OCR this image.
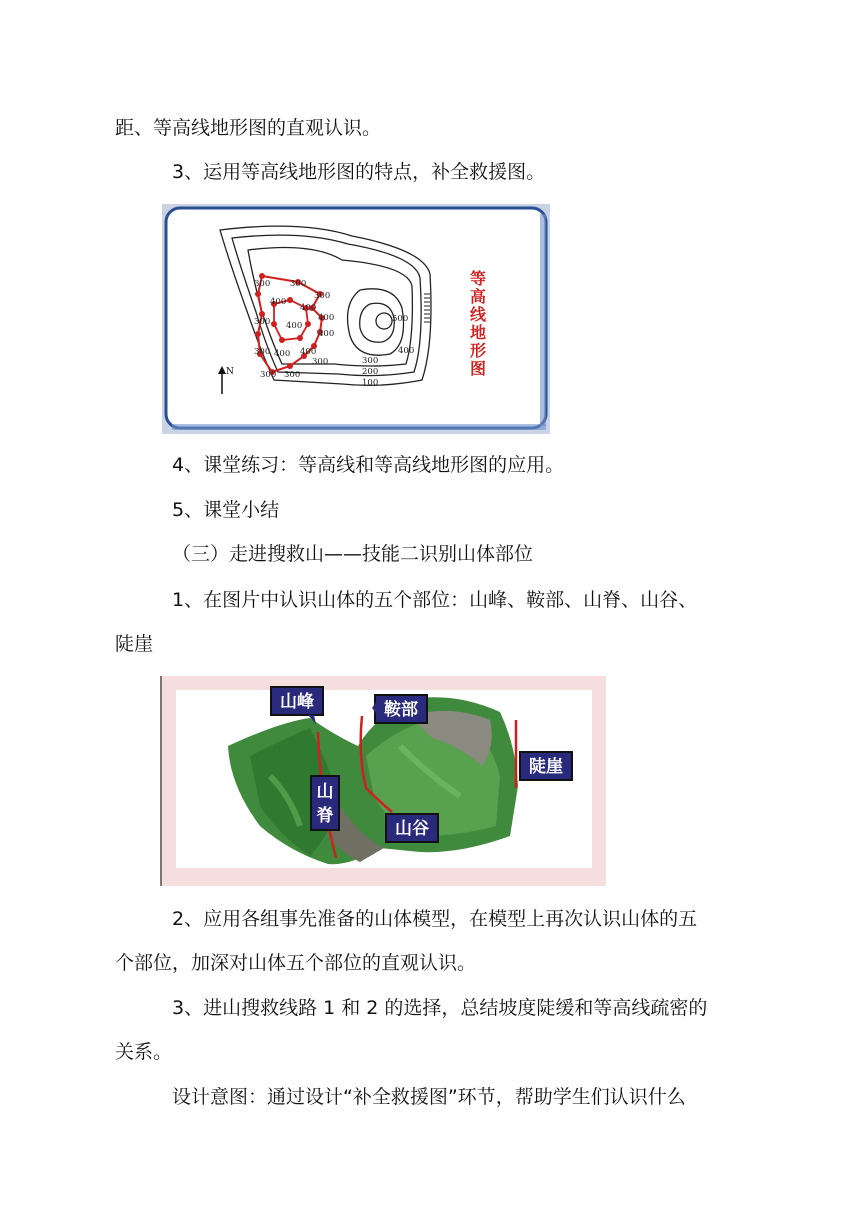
距、等高线地形图的直观认识。
3、运用等高线地形图的特点，补全救援图。
300 300
300
400
400
400
400
400
300
400 400
300
300
300
500
400
300
200
100
300
N
等
高
线
地
形
图
4、课堂练习：等高线和等高线地形图的应用。
5、课堂小结
（三）走进搜救山——技能二识别山体部位
1、在图片中认识山体的五个部位：山峰、鞍部、山脊、山谷、
陡崖
山峰	鞍部
山
脊
山谷
陡崖
2、应用各组事先准备的山体模型，在模型上再次认识山体的五
个部位，加深对山体五个部位的直观认识。
3、进山搜救线路 1 和 2 的选择，总结坡度陡缓和等高线疏密的
关系。
设计意图：通过设计“补全救援图”环节，帮助学生们认识什么
